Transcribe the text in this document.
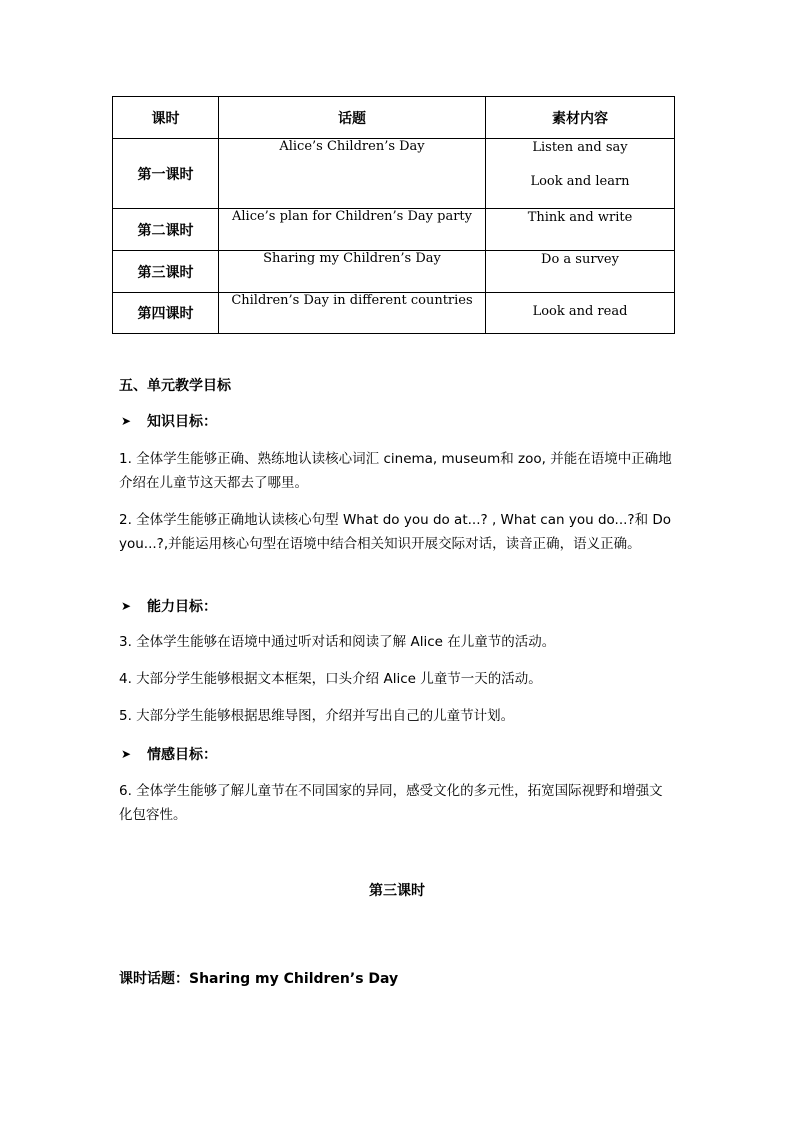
课时	话题	素材内容
第一课时	Alice’s Children’s Day	Listen and say
Look and learn

第二课时	Alice’s plan for Children’s Day party	Think and write

第三课时	Sharing my Children’s Day	Do a survey

第四课时	Children’s Day in different countries	Look and read
五、单元教学目标
➤	知识目标：
1. 全体学生能够正确、熟练地认读核心词汇 cinema, museum和 zoo, 并能在语境中正确地介绍在儿童节这天都去了哪里。
2. 全体学生能够正确地认读核心句型 What do you do at...? , What can you do...?和 Do you...?,并能运用核心句型在语境中结合相关知识开展交际对话，读音正确，语义正确。
➤	能力目标：
3. 全体学生能够在语境中通过听对话和阅读了解 Alice 在儿童节的活动。
4. 大部分学生能够根据文本框架，口头介绍 Alice 儿童节一天的活动。
5. 大部分学生能够根据思维导图，介绍并写出自己的儿童节计划。
➤	情感目标：
6. 全体学生能够了解儿童节在不同国家的异同，感受文化的多元性，拓宽国际视野和增强文化包容性。
第三课时
课时话题：Sharing my Children’s Day
